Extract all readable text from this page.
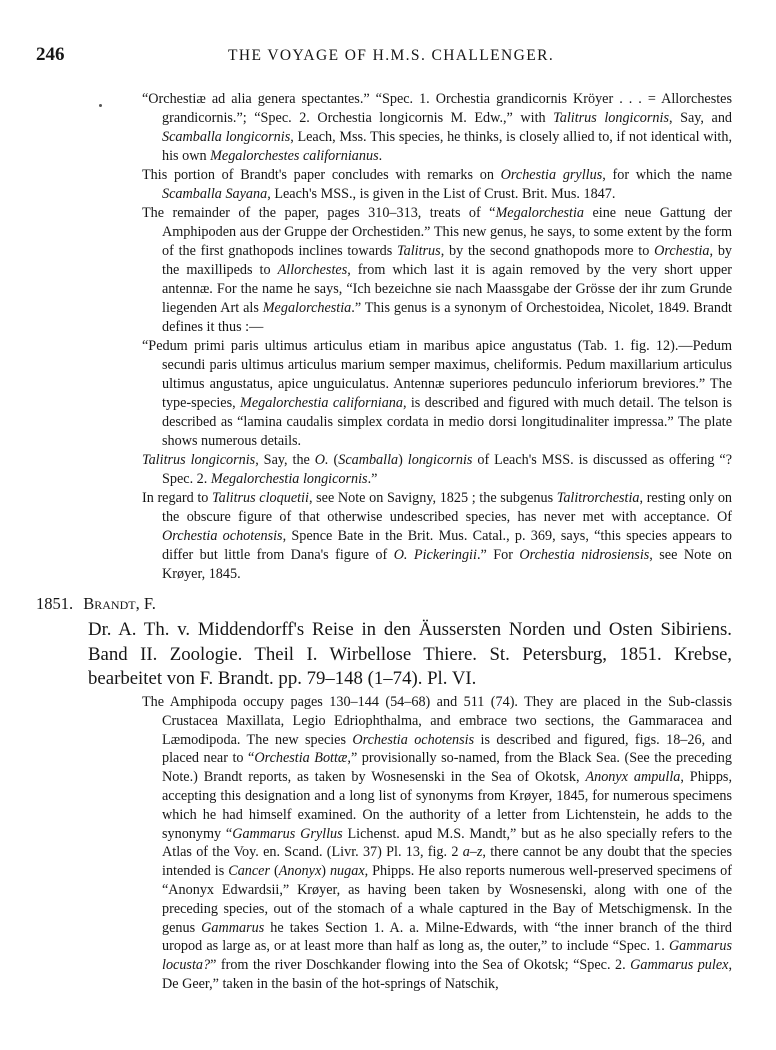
246	THE VOYAGE OF H.M.S. CHALLENGER.
“Orchestiæ ad alia genera spectantes.” “Spec. 1. Orchestia grandicornis Kröyer . . . = Allorchestes grandicornis.”; “Spec. 2. Orchestia longicornis M. Edw.,” with Talitrus longicornis, Say, and Scamballa longicornis, Leach, Mss. This species, he thinks, is closely allied to, if not identical with, his own Megalorchestes californianus.
This portion of Brandt's paper concludes with remarks on Orchestia gryllus, for which the name Scamballa Sayana, Leach's MSS., is given in the List of Crust. Brit. Mus. 1847.
The remainder of the paper, pages 310–313, treats of “Megalorchestia eine neue Gattung der Amphipoden aus der Gruppe der Orchestiden.” This new genus, he says, to some extent by the form of the first gnathopods inclines towards Talitrus, by the second gnathopods more to Orchestia, by the maxillipeds to Allorchestes, from which last it is again removed by the very short upper antennæ. For the name he says, “Ich bezeichne sie nach Maassgabe der Grösse der ihr zum Grunde liegenden Art als Megalorchestia.” This genus is a synonym of Orchestoidea, Nicolet, 1849. Brandt defines it thus :—
“Pedum primi paris ultimus articulus etiam in maribus apice angustatus (Tab. 1. fig. 12).—Pedum secundi paris ultimus articulus marium semper maximus, cheliformis. Pedum maxillarium articulus ultimus angustatus, apice unguiculatus. Antennæ superiores pedunculo inferiorum breviores.” The type-species, Megalorchestia californiana, is described and figured with much detail. The telson is described as “lamina caudalis simplex cordata in medio dorsi longitudinaliter impressa.” The plate shows numerous details.
Talitrus longicornis, Say, the O. (Scamballa) longicornis of Leach's MSS. is discussed as offering “? Spec. 2. Megalorchestia longicornis.”
In regard to Talitrus cloquetii, see Note on Savigny, 1825 ; the subgenus Talitrorchestia, resting only on the obscure figure of that otherwise undescribed species, has never met with acceptance. Of Orchestia ochotensis, Spence Bate in the Brit. Mus. Catal., p. 369, says, “this species appears to differ but little from Dana's figure of O. Pickeringii.” For Orchestia nidrosiensis, see Note on Krøyer, 1845.
1851. Brandt, F.
Dr. A. Th. v. Middendorff's Reise in den Äussersten Norden und Osten Sibiriens. Band II. Zoologie. Theil I. Wirbellose Thiere. St. Petersburg, 1851. Krebse, bearbeitet von F. Brandt. pp. 79–148 (1–74). Pl. VI.
The Amphipoda occupy pages 130–144 (54–68) and 511 (74). They are placed in the Sub-classis Crustacea Maxillata, Legio Edriophthalma, and embrace two sections, the Gammaracea and Læmodipoda. The new species Orchestia ochotensis is described and figured, figs. 18–26, and placed near to “Orchestia Bottæ,” provisionally so-named, from the Black Sea. (See the preceding Note.) Brandt reports, as taken by Wosnesenski in the Sea of Okotsk, Anonyx ampulla, Phipps, accepting this designation and a long list of synonyms from Krøyer, 1845, for numerous specimens which he had himself examined. On the authority of a letter from Lichtenstein, he adds to the synonymy “Gammarus Gryllus Lichenst. apud M.S. Mandt,” but as he also specially refers to the Atlas of the Voy. en. Scand. (Livr. 37) Pl. 13, fig. 2 a–z, there cannot be any doubt that the species intended is Cancer (Anonyx) nugax, Phipps. He also reports numerous well-preserved specimens of “Anonyx Edwardsii,” Krøyer, as having been taken by Wosnesenski, along with one of the preceding species, out of the stomach of a whale captured in the Bay of Metschigmensk. In the genus Gammarus he takes Section 1. A. a. Milne-Edwards, with “the inner branch of the third uropod as large as, or at least more than half as long as, the outer,” to include “Spec. 1. Gammarus locusta?” from the river Doschkander flowing into the Sea of Okotsk; “Spec. 2. Gammarus pulex, De Geer,” taken in the basin of the hot-springs of Natschik,
